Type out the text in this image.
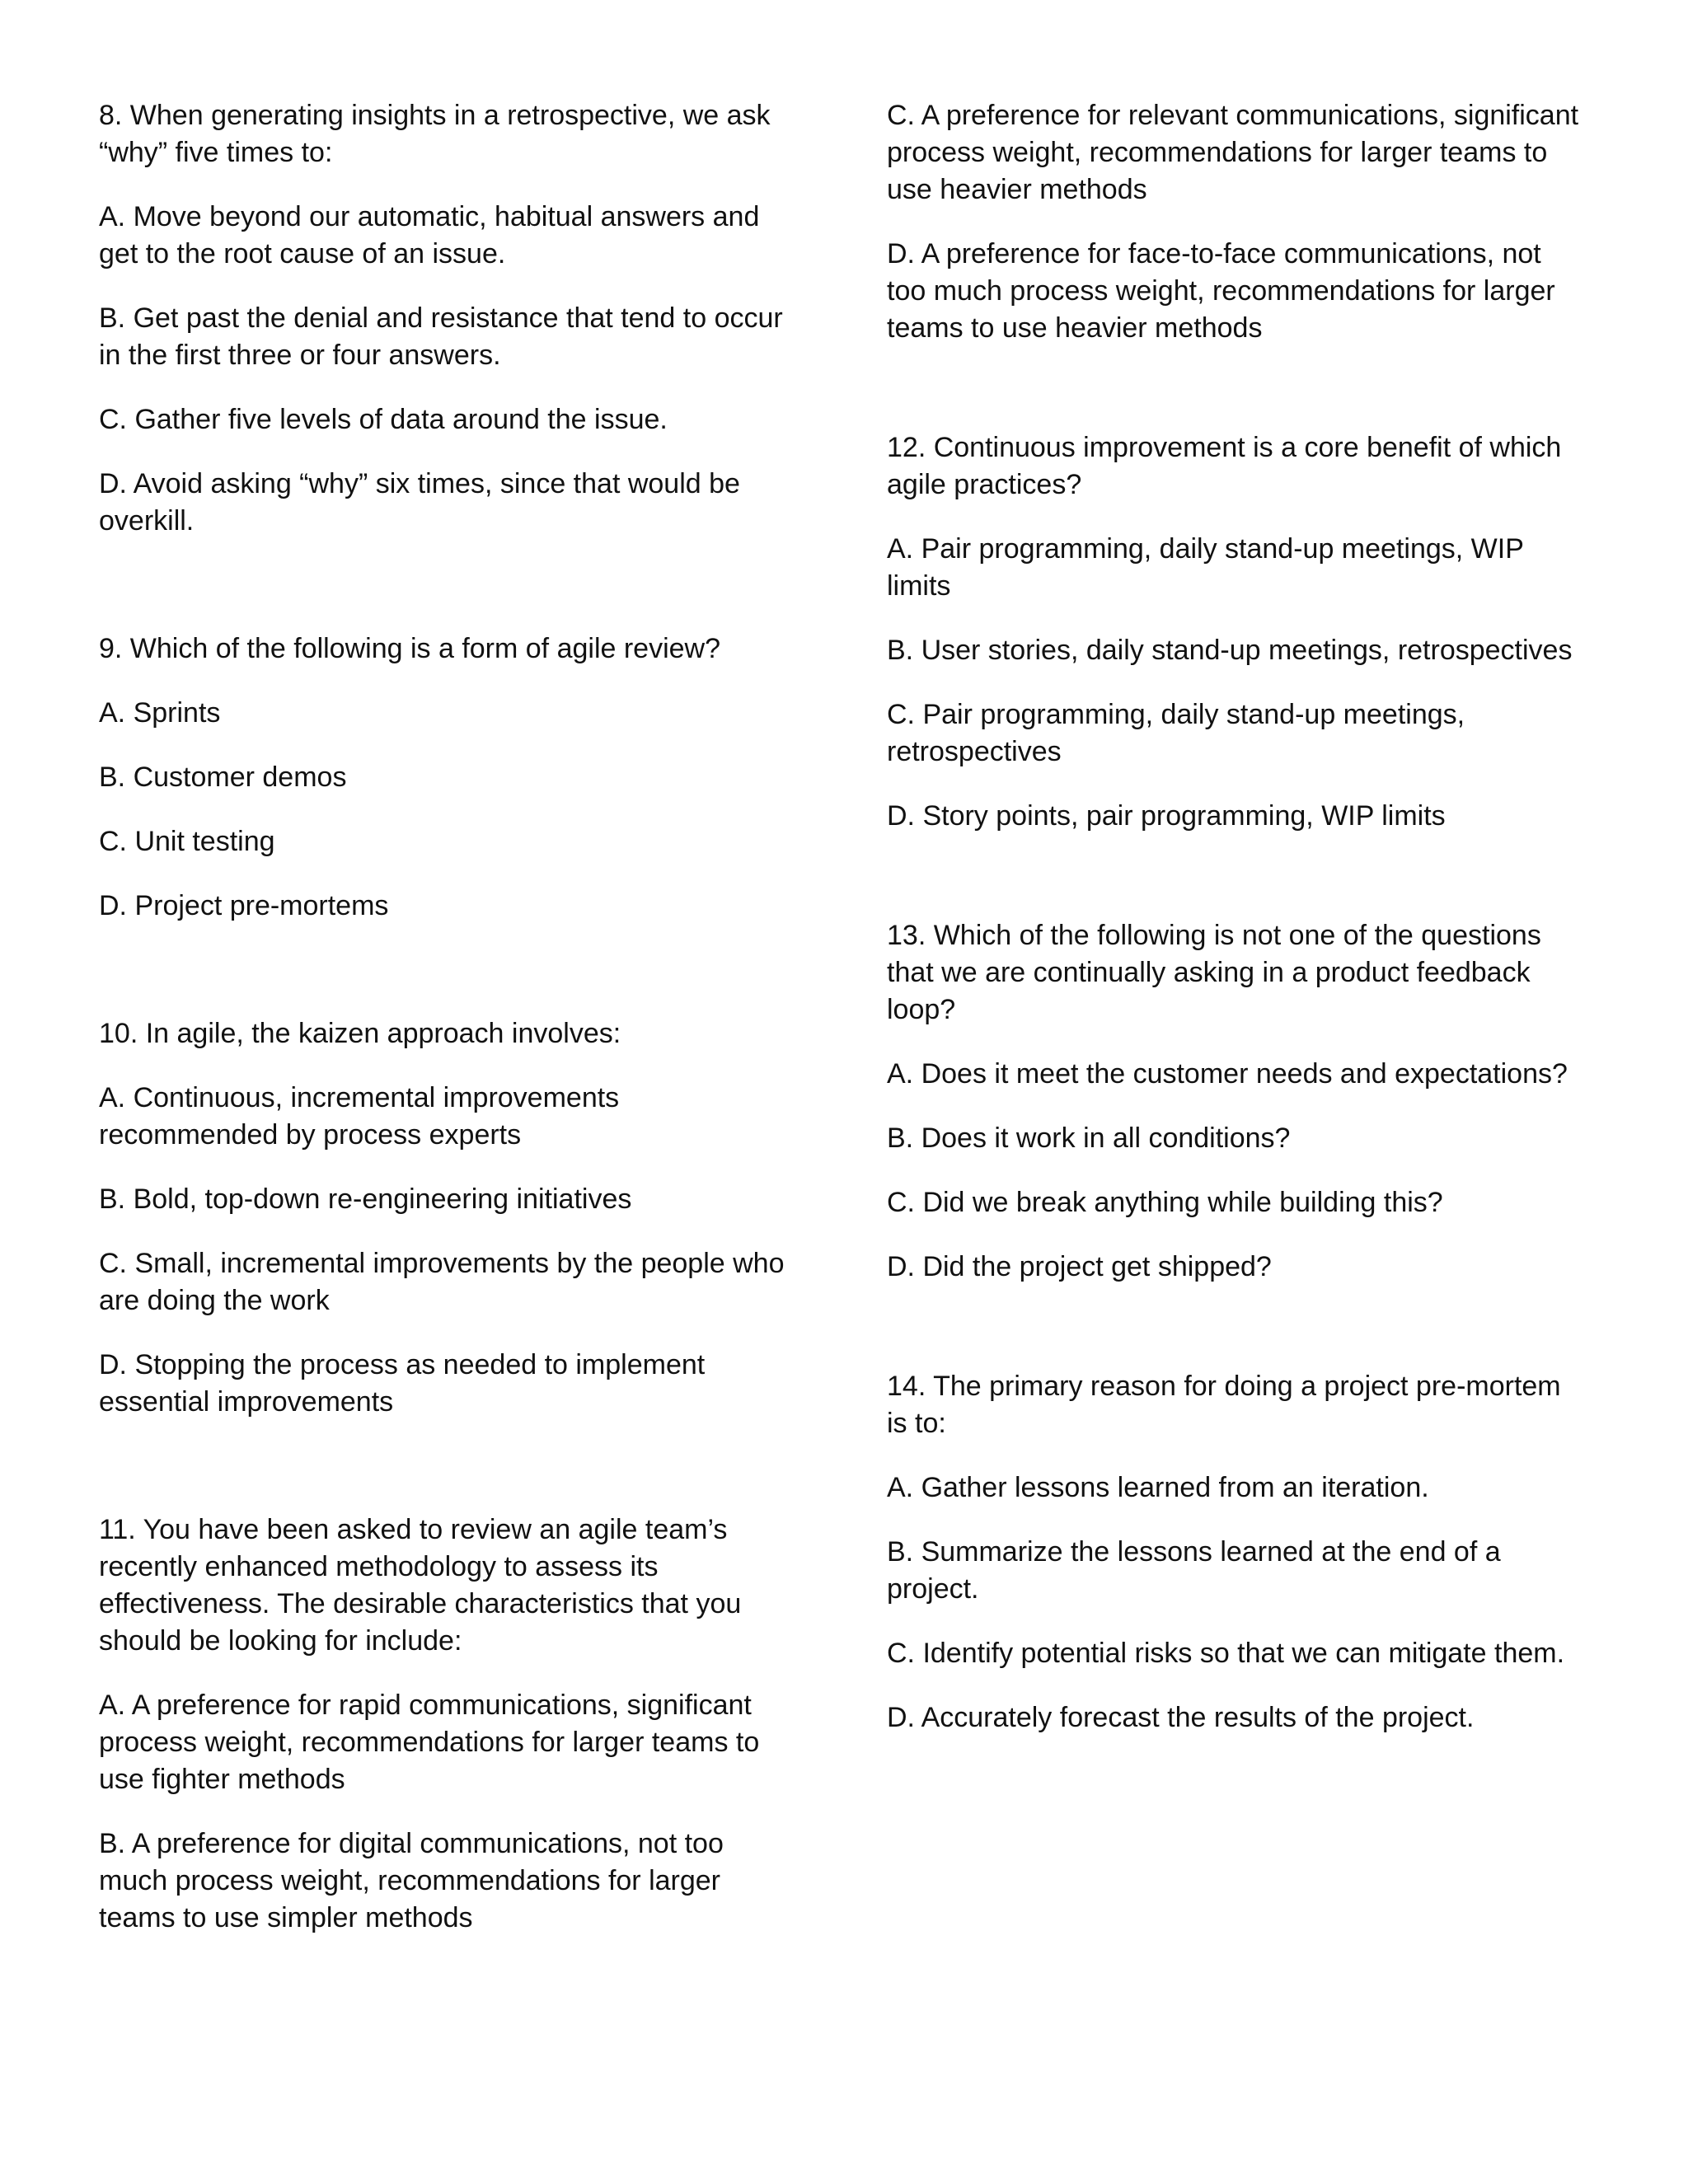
8. When generating insights in a retrospective, we ask “why” five times to:

A. Move beyond our automatic, habitual answers and get to the root cause of an issue.

B. Get past the denial and resistance that tend to occur in the first three or four answers.

C. Gather five levels of data around the issue.

D. Avoid asking “why” six times, since that would be overkill.

9. Which of the following is a form of agile review?

A. Sprints

B. Customer demos

C. Unit testing

D. Project pre-mortems

10. In agile, the kaizen approach involves:

A. Continuous, incremental improvements recommended by process experts

B. Bold, top-down re-engineering initiatives

C. Small, incremental improvements by the people who are doing the work

D. Stopping the process as needed to implement essential improvements

11. You have been asked to review an agile team’s recently enhanced methodology to assess its effectiveness. The desirable characteristics that you should be looking for include:

A. A preference for rapid communications, significant process weight, recommendations for larger teams to use fighter methods

B. A preference for digital communications, not too much process weight, recommendations for larger teams to use simpler methods

C. A preference for relevant communications, significant process weight, recommendations for larger teams to use heavier methods

D. A preference for face-to-face communications, not too much process weight, recommendations for larger teams to use heavier methods

12. Continuous improvement is a core benefit of which agile practices?

A. Pair programming, daily stand-up meetings, WIP limits

B. User stories, daily stand-up meetings, retrospectives

C. Pair programming, daily stand-up meetings, retrospectives

D. Story points, pair programming, WIP limits

13. Which of the following is not one of the questions that we are continually asking in a product feedback loop?

A. Does it meet the customer needs and expectations?

B. Does it work in all conditions?

C. Did we break anything while building this?

D. Did the project get shipped?

14. The primary reason for doing a project pre-mortem is to:

A. Gather lessons learned from an iteration.

B. Summarize the lessons learned at the end of a project.

C. Identify potential risks so that we can mitigate them.

D. Accurately forecast the results of the project.
